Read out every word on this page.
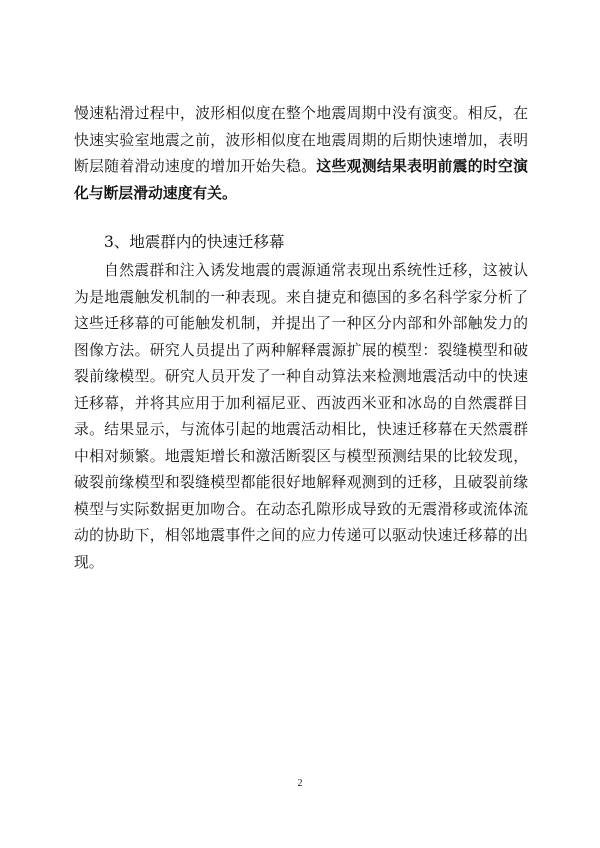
慢速粘滑过程中，波形相似度在整个地震周期中没有演变。相反，在快速实验室地震之前，波形相似度在地震周期的后期快速增加，表明断层随着滑动速度的增加开始失稳。这些观测结果表明前震的时空演化与断层滑动速度有关。

3、地震群内的快速迁移幕

自然震群和注入诱发地震的震源通常表现出系统性迁移，这被认为是地震触发机制的一种表现。来自捷克和德国的多名科学家分析了这些迁移幕的可能触发机制，并提出了一种区分内部和外部触发力的图像方法。研究人员提出了两种解释震源扩展的模型：裂缝模型和破裂前缘模型。研究人员开发了一种自动算法来检测地震活动中的快速迁移幕，并将其应用于加利福尼亚、西波西米亚和冰岛的自然震群目录。结果显示，与流体引起的地震活动相比，快速迁移幕在天然震群中相对频繁。地震矩增长和激活断裂区与模型预测结果的比较发现，破裂前缘模型和裂缝模型都能很好地解释观测到的迁移，且破裂前缘模型与实际数据更加吻合。在动态孔隙形成导致的无震滑移或流体流动的协助下，相邻地震事件之间的应力传递可以驱动快速迁移幕的出现。

2
